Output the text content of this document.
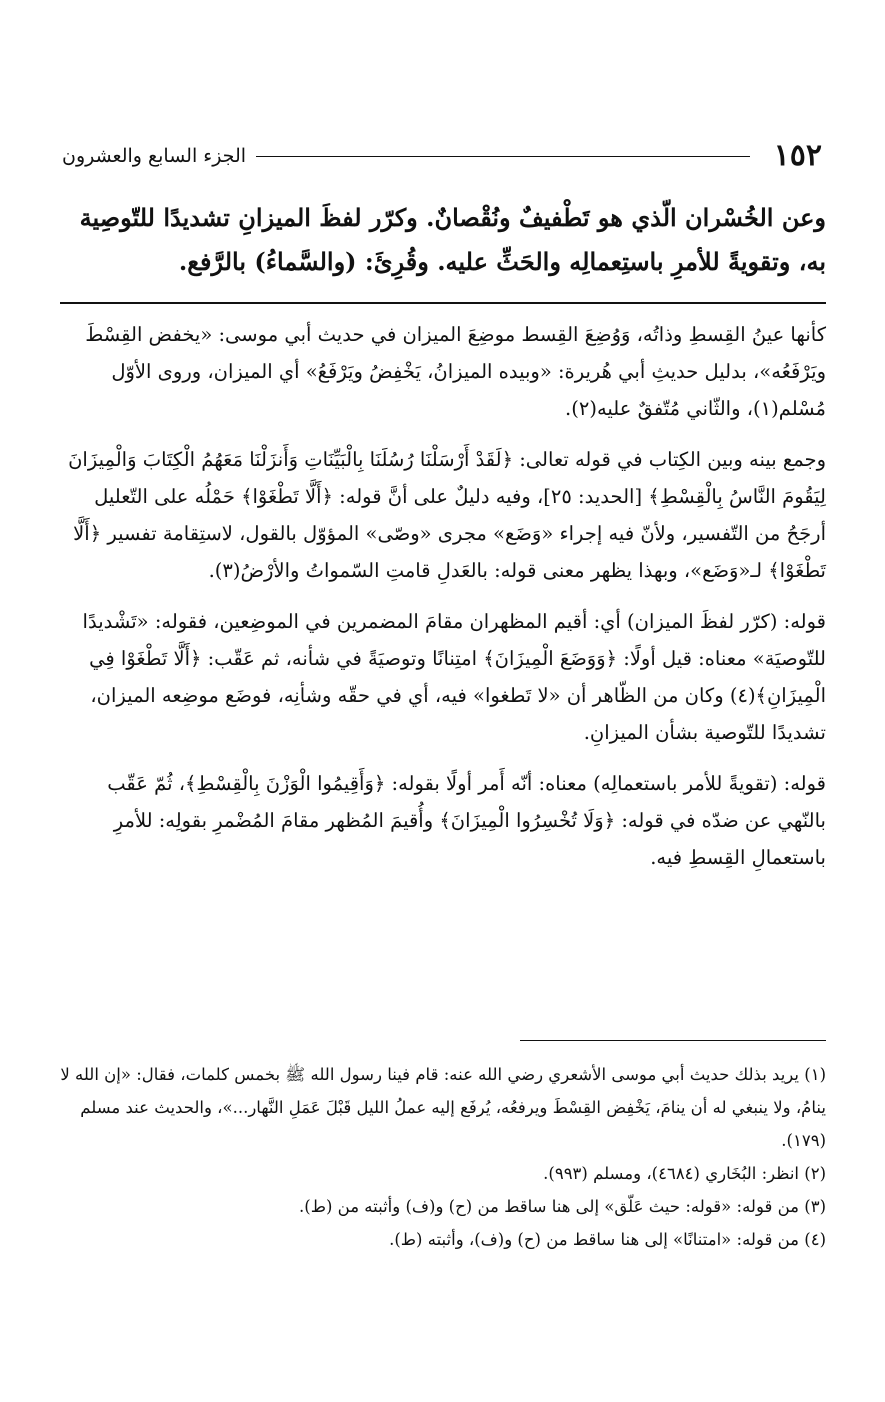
١٥٢
الجزء السابع والعشرون
وعن الخُسْران الّذي هو تَطْفيفٌ ونُقْصانٌ. وكرّر لفظَ الميزانِ تشديدًا للتّوصِية به، وتقويةً للأمرِ باستِعمالِه والحَثِّ عليه. وقُرِئَ: (والسَّماءُ) بالرَّفع.

كأنها عينُ القِسطِ وذاتُه، وَوُضِعَ القِسط موضِعَ الميزان في حديث أبي موسى: «يخفض القِسْطَ ويَرْفَعُه»، بدليل حديثِ أبي هُريرة: «وبيده الميزانُ، يَخْفِضُ ويَرْفَعُ» أي الميزان، وروى الأوّل مُسْلم(١)، والثّاني مُتّفقٌ عليه(٢).

وجمع بينه وبين الكِتاب في قوله تعالى: ﴿لَقَدْ أَرْسَلْنَا رُسُلَنَا بِالْبَيِّنَاتِ وَأَنزَلْنَا مَعَهُمُ الْكِتَابَ وَالْمِيزَانَ لِيَقُومَ النَّاسُ بِالْقِسْطِ﴾ [الحديد: ٢٥]، وفيه دليلٌ على أنَّ قوله: ﴿أَلَّا تَطْغَوْا﴾ حَمْلُه على التّعليل أرجَحُ من التّفسير، ولأنّ فيه إجراء «وَضَع» مجرى «وصّى» المؤوّل بالقول، لاستِقامة تفسير ﴿أَلَّا تَطْغَوْا﴾ لـ«وَضَع»، وبهذا يظهر معنى قوله: بالعَدلِ قامتِ السّمواتُ والأرْضُ(٣).

قوله: (كرّر لفظَ الميزان) أي: أقيم المظهران مقامَ المضمرين في الموضِعين، فقوله: «تَشْديدًا للتّوصيَة» معناه: قيل أولًا: ﴿وَوَضَعَ الْمِيزَانَ﴾ امتِنانًا وتوصيَةً في شأنه، ثم عَقّب: ﴿أَلَّا تَطْغَوْا فِي الْمِيزَانِ﴾(٤) وكان من الظّاهر أن «لا تَطغوا» فيه، أي في حقّه وشأنِه، فوضَع موضِعه الميزان، تشديدًا للتّوصية بشأن الميزانِ.

قوله: (تقويةً للأمر باستعمالِه) معناه: أنّه أَمر أولًا بقوله: ﴿وَأَقِيمُوا الْوَزْنَ بِالْقِسْطِ﴾، ثُمّ عَقّب بالنّهي عن ضدّه في قوله: ﴿وَلَا تُخْسِرُوا الْمِيزَانَ﴾ وأُقيمَ المُظهر مقامَ المُضْمرِ بقولِه: للأمرِ باستعمالِ القِسطِ فيه.

(١) يريد بذلك حديث أبي موسى الأشعري رضي الله عنه: قام فينا رسول الله ﷺ بخمس كلمات، فقال: «إن الله لا ينامُ، ولا ينبغي له أن ينامَ، يَخْفِض القِسْطَ ويرفعُه، يُرفَع إليه عملُ الليل قَبْلَ عَمَلِ النَّهار...»، والحديث عند مسلم (١٧٩).

(٢) انظر: البُخَاري (٤٦٨٤)، ومسلم (٩٩٣).

(٣) من قوله: «قوله: حيث عَلّق» إلى هنا ساقط من (ح) و(ف) وأثبته من (ط).

(٤) من قوله: «امتنانًا» إلى هنا ساقط من (ح) و(ف)، وأثبته (ط).
